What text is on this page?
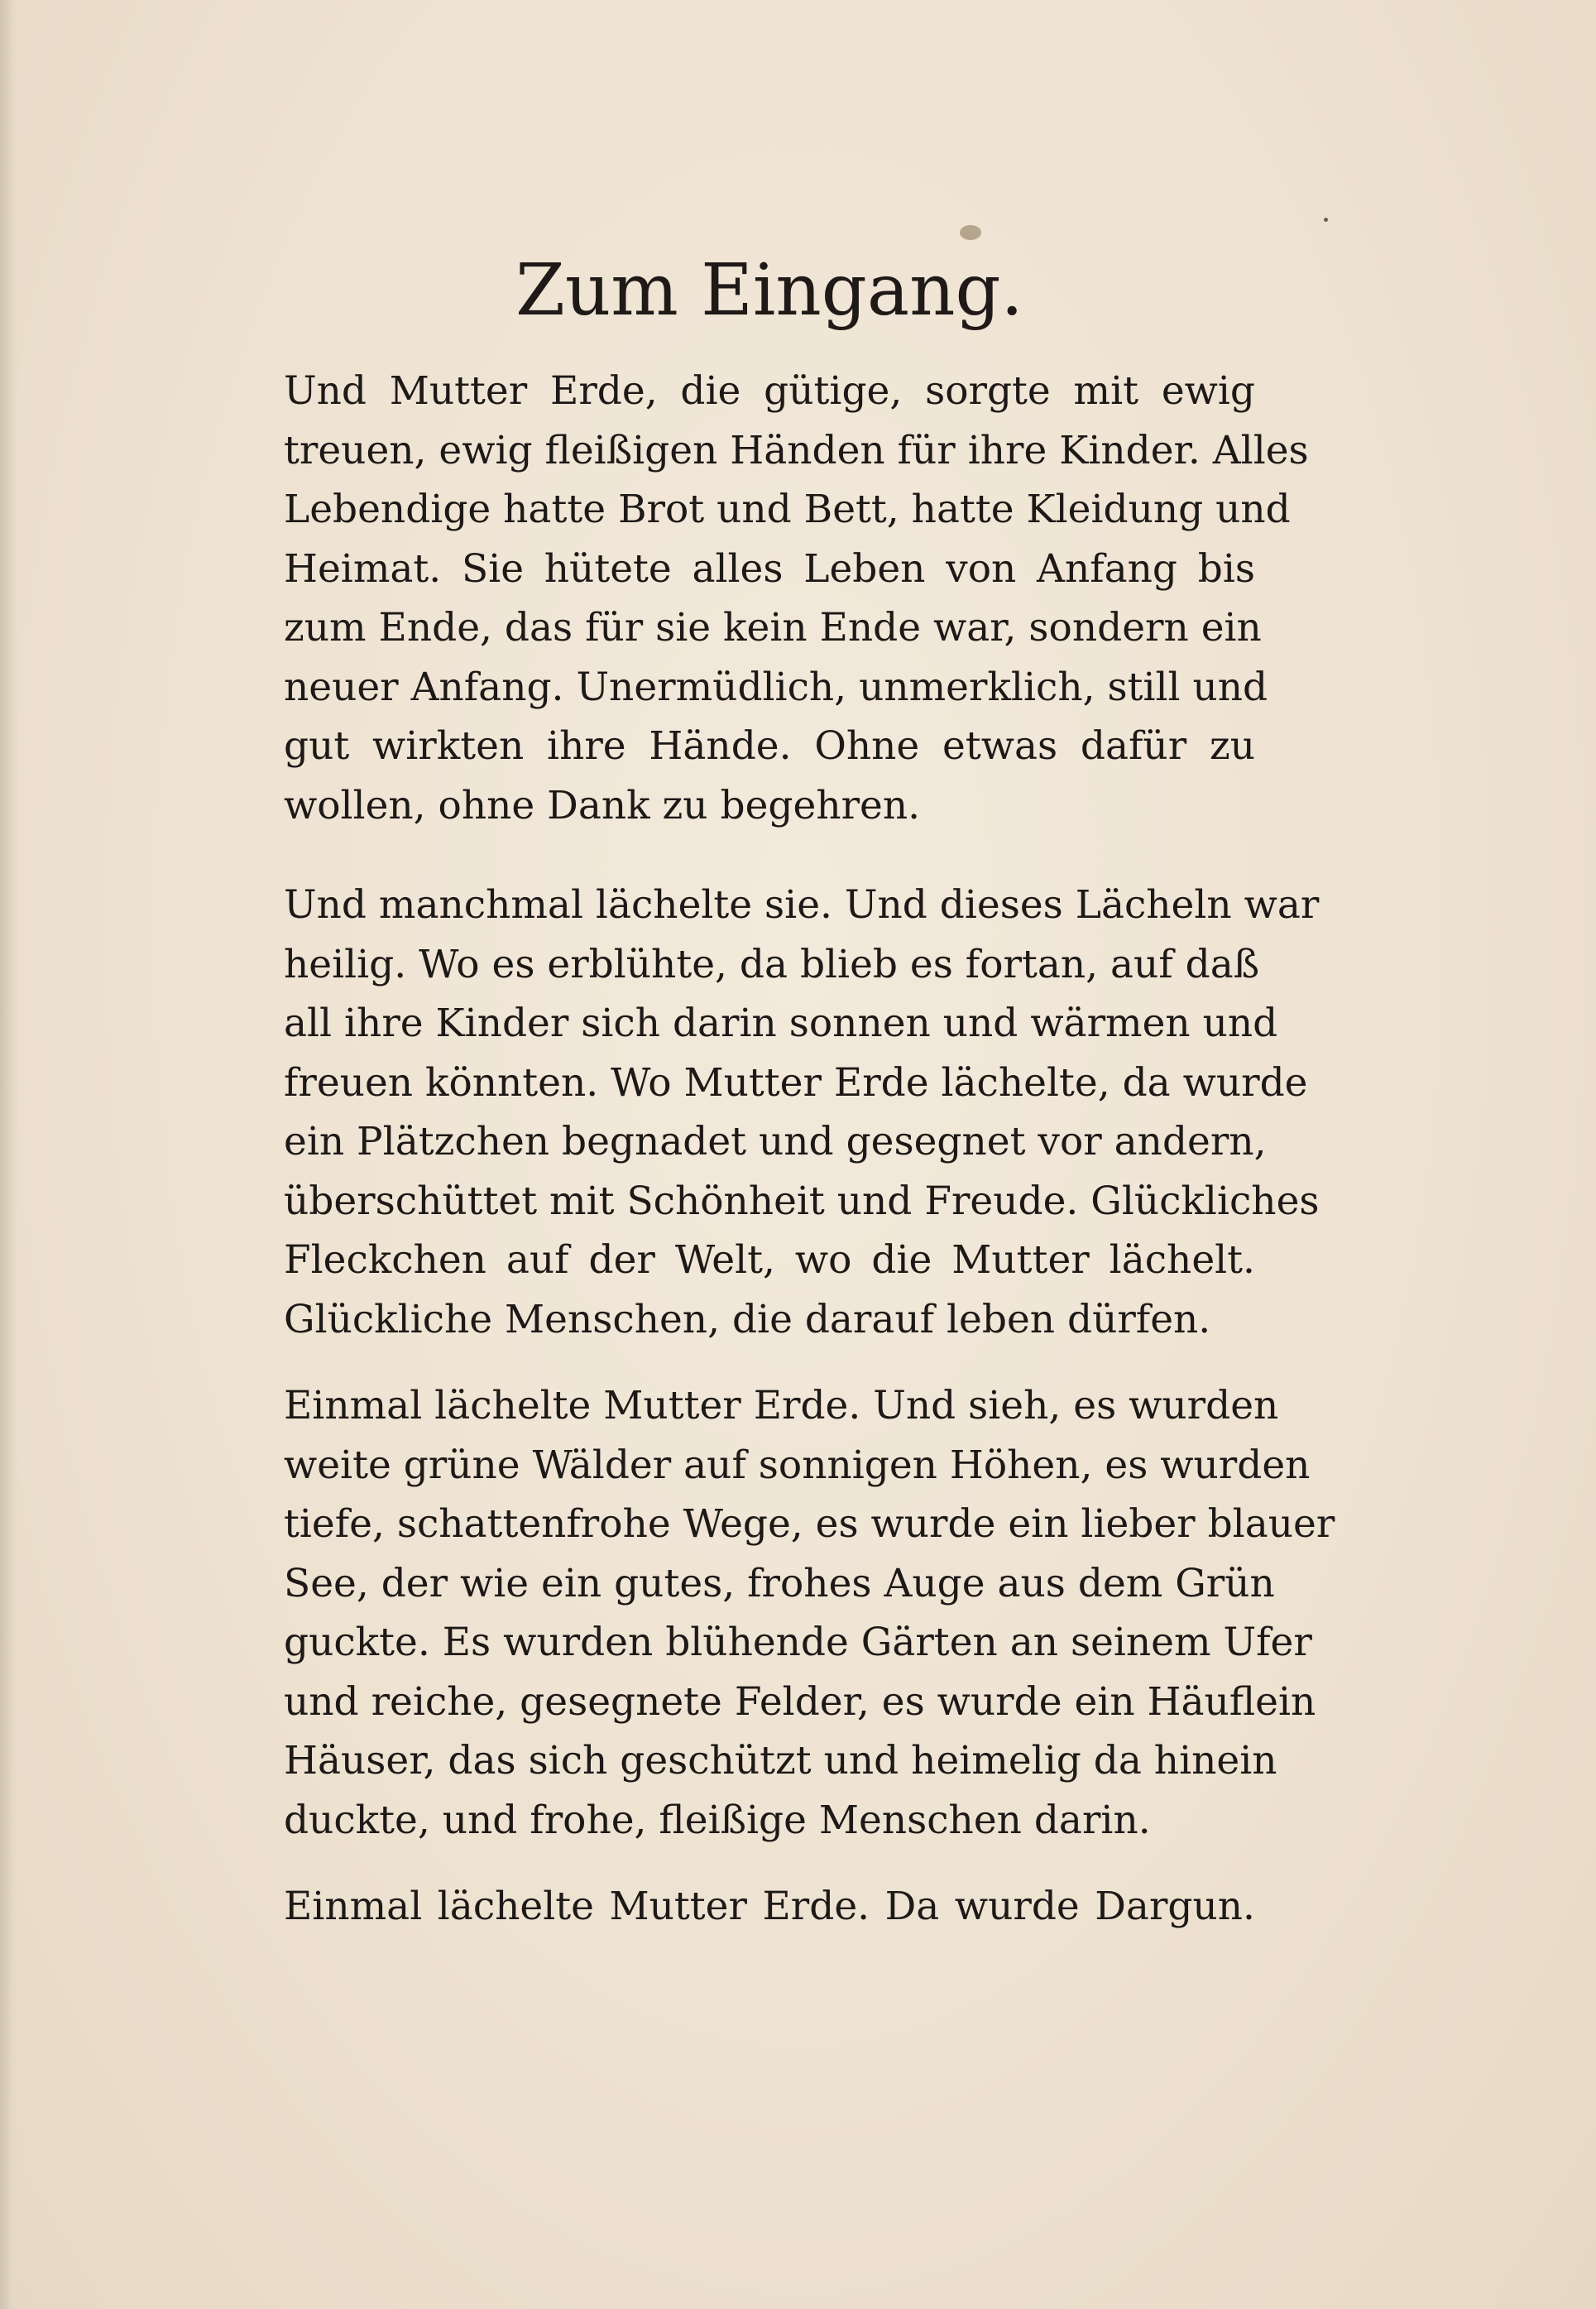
Zum Eingang.

Und Mutter Erde, die gütige, sorgte mit ewig
treuen, ewig fleißigen Händen für ihre Kinder. Alles
Lebendige hatte Brot und Bett, hatte Kleidung und
Heimat. Sie hütete alles Leben von Anfang bis
zum Ende, das für sie kein Ende war, sondern ein
neuer Anfang. Unermüdlich, unmerklich, still und
gut wirkten ihre Hände. Ohne etwas dafür zu
wollen, ohne Dank zu begehren.

Und manchmal lächelte sie. Und dieses Lächeln war
heilig. Wo es erblühte, da blieb es fortan, auf daß
all ihre Kinder sich darin sonnen und wärmen und
freuen könnten. Wo Mutter Erde lächelte, da wurde
ein Plätzchen begnadet und gesegnet vor andern,
überschüttet mit Schönheit und Freude. Glückliches
Fleckchen auf der Welt, wo die Mutter lächelt.
Glückliche Menschen, die darauf leben dürfen.

Einmal lächelte Mutter Erde. Und sieh, es wurden
weite grüne Wälder auf sonnigen Höhen, es wurden
tiefe, schattenfrohe Wege, es wurde ein lieber blauer
See, der wie ein gutes, frohes Auge aus dem Grün
guckte. Es wurden blühende Gärten an seinem Ufer
und reiche, gesegnete Felder, es wurde ein Häuflein
Häuser, das sich geschützt und heimelig da hinein
duckte, und frohe, fleißige Menschen darin.

Einmal lächelte Mutter Erde. Da wurde Dargun.
